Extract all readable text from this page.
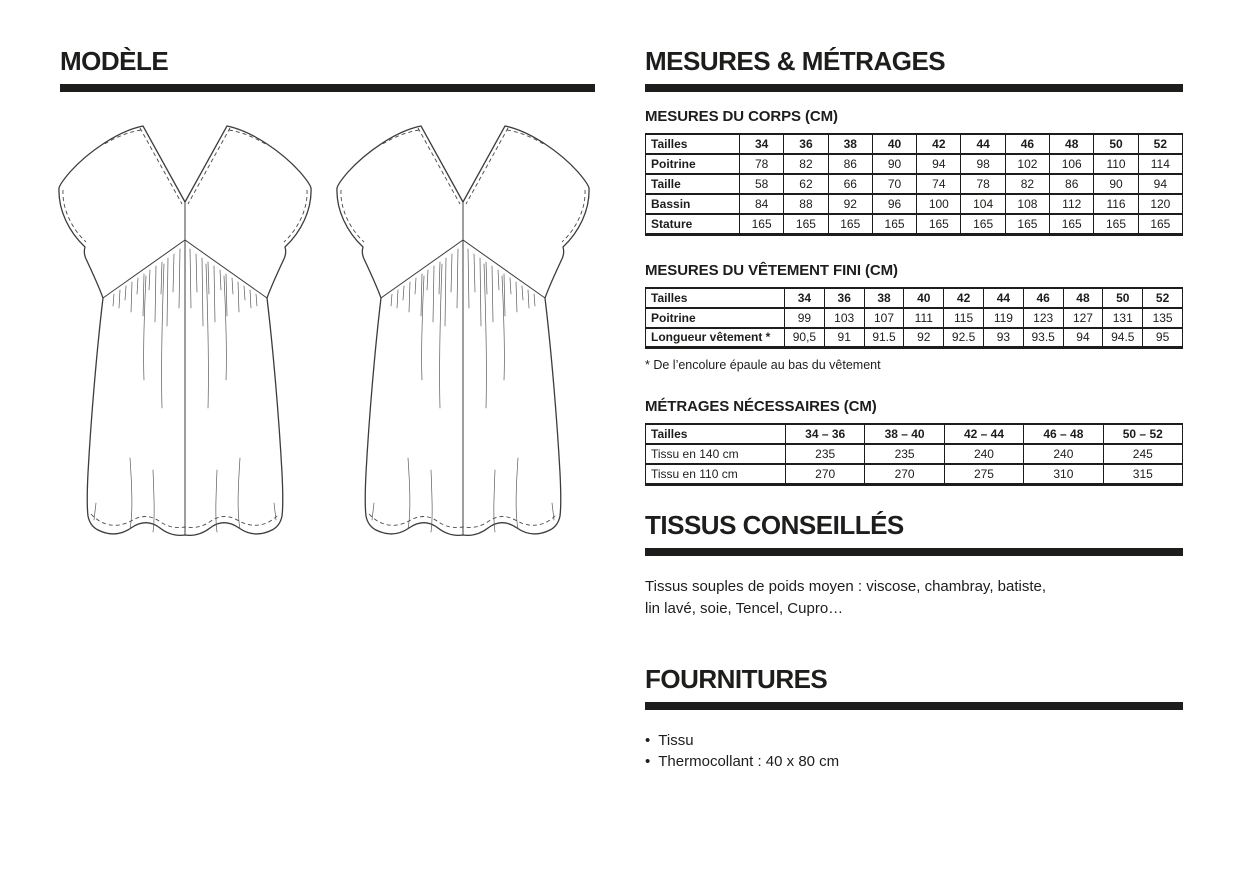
MODÈLE	MESURES & MÉTRAGES
MESURES DU CORPS (CM)
Tailles	34	36	38	40	42	44	46	48	50	52
Poitrine	78	82	86	90	94	98	102	106	110	114
Taille	58	62	66	70	74	78	82	86	90	94
Bassin	84	88	92	96	100	104	108	112	116	120
Stature	165	165	165	165	165	165	165	165	165	165
MESURES DU VÊTEMENT FINI (CM)
Tailles	34	36	38	40	42	44	46	48	50	52
Poitrine	99	103	107	111	115	119	123	127	131	135
Longueur vêtement *	90,5	91	91.5	92	92.5	93	93.5	94	94.5	95

* De l’encolure épaule au bas du vêtement

MÉTRAGES NÉCESSAIRES (CM)
Tailles	34 – 36	38 – 40	42 – 44	46 – 48	50 – 52
Tissu en 140 cm	235	235	240	240	245
Tissu en 110 cm	270	270	275	310	315
TISSUS CONSEILLÉS
Tissus souples de poids moyen : viscose, chambray, batiste,
lin lavé, soie, Tencel, Cupro…
FOURNITURES
• Tissu
• Thermocollant : 40 x 80 cm
